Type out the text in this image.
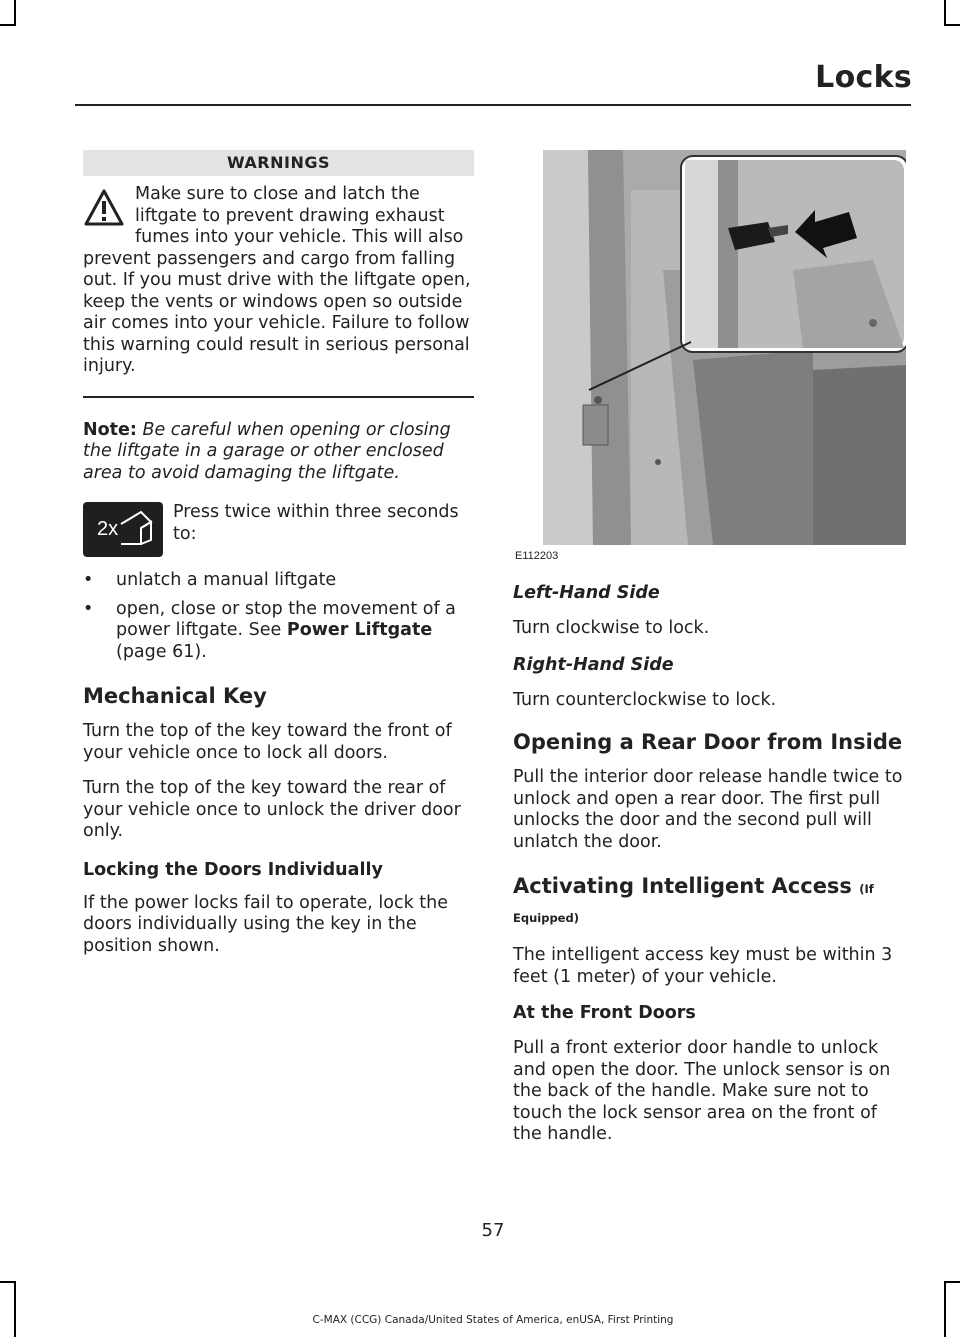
Locks
WARNINGS

Make sure to close and latch the liftgate to prevent drawing exhaust fumes into your vehicle. This will also prevent passengers and cargo from falling out. If you must drive with the liftgate open, keep the vents or windows open so outside air comes into your vehicle. Failure to follow this warning could result in serious personal injury.

Note: Be careful when opening or closing the liftgate in a garage or other enclosed area to avoid damaging the liftgate.

2x

Press twice within three seconds to:

• unlatch a manual liftgate
• open, close or stop the movement of a power liftgate. See Power Liftgate (page 61).
Mechanical Key

Turn the top of the key toward the front of your vehicle once to lock all doors.

Turn the top of the key toward the rear of your vehicle once to unlock the driver door only.

Locking the Doors Individually

If the power locks fail to operate, lock the doors individually using the key in the position shown.

E112203
Left-Hand Side

Turn clockwise to lock.

Right-Hand Side

Turn counterclockwise to lock.

Opening a Rear Door from Inside

Pull the interior door release handle twice to unlock and open a rear door. The first pull unlocks the door and the second pull will unlatch the door.

Activating Intelligent Access (If Equipped)

The intelligent access key must be within 3 feet (1 meter) of your vehicle.

At the Front Doors

Pull a front exterior door handle to unlock and open the door. The unlock sensor is on the back of the handle. Make sure not to touch the lock sensor area on the front of the handle.

57
C-MAX (CCG) Canada/United States of America, enUSA, First Printing
